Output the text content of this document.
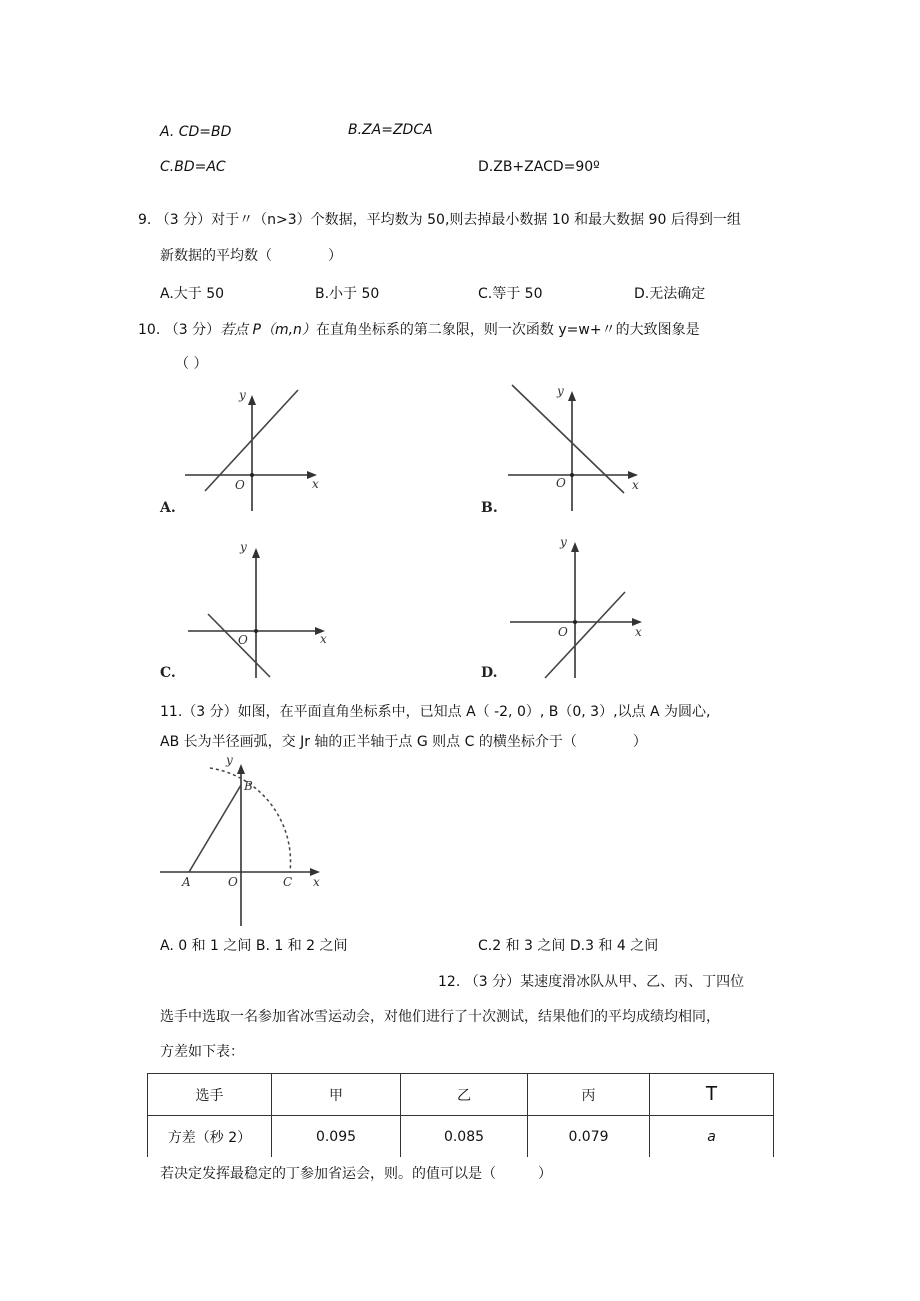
A. CD=BD	B.ZA=ZDCA
C.BD=AC	D.ZB+ZACD=90º
9. （3 分）对于〃（n>3）个数据，平均数为 50,则去掉最小数据 10 和最大数据 90 后得到一组
新数据的平均数（　　　　）
A.大于 50	B.小于 50	C.等于 50	D.无法确定
10. （3 分）若点 P（m,n）在直角坐标系的第二象限，则一次函数 y=w+〃的大致图象是
（ ）
y
x
O
A.
y
x
O
B.
y
x
O
C.
y
x
O
D.
11.（3 分）如图，在平面直角坐标系中，已知点 A（ -2, 0）, B（0, 3）,以点 A 为圆心,
AB 长为半径画弧，交 Jr 轴的正半轴于点 G 则点 C 的横坐标介于（　　　　）
y
x
A
B
O	C
A. 0 和 1 之间 B. 1 和 2 之间	C.2 和 3 之间 D.3 和 4 之间
12. （3 分）某速度滑冰队从甲、乙、丙、丁四位
选手中选取一名参加省冰雪运动会，对他们进行了十次测试，结果他们的平均成绩均相同，
方差如下表：
选手	甲	乙	丙	T
方差（秒 2）	0.095	0.085	0.079	a
若决定发挥最稳定的丁参加省运会，则。的值可以是（　　　）
